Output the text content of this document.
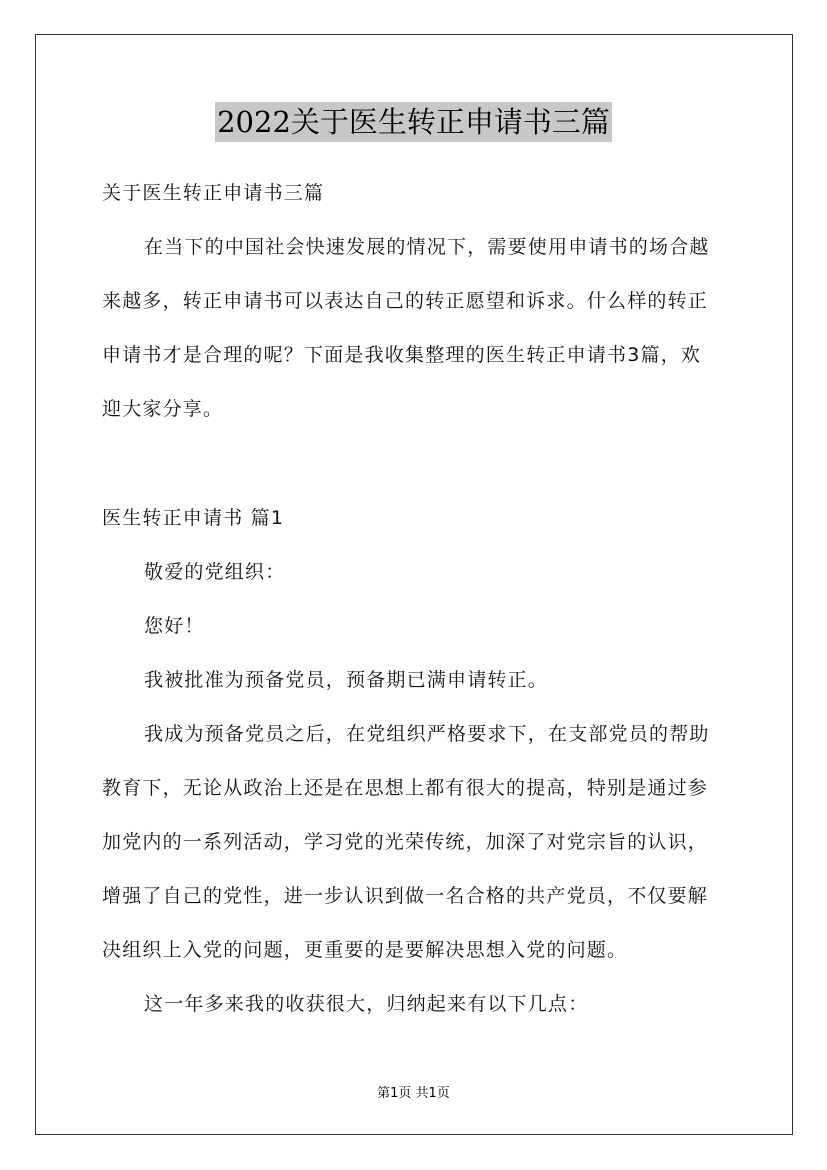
2022关于医生转正申请书三篇
关于医生转正申请书三篇
在当下的中国社会快速发展的情况下，需要使用申请书的场合越
来越多，转正申请书可以表达自己的转正愿望和诉求。什么样的转正
申请书才是合理的呢？下面是我收集整理的医生转正申请书3篇，欢
迎大家分享。
医生转正申请书 篇1
敬爱的党组织：
您好！
我被批准为预备党员，预备期已满申请转正。
我成为预备党员之后，在党组织严格要求下，在支部党员的帮助
教育下，无论从政治上还是在思想上都有很大的提高，特别是通过参
加党内的一系列活动，学习党的光荣传统，加深了对党宗旨的认识，
增强了自己的党性，进一步认识到做一名合格的共产党员，不仅要解
决组织上入党的问题，更重要的是要解决思想入党的问题。
这一年多来我的收获很大，归纳起来有以下几点：
第1页 共1页
